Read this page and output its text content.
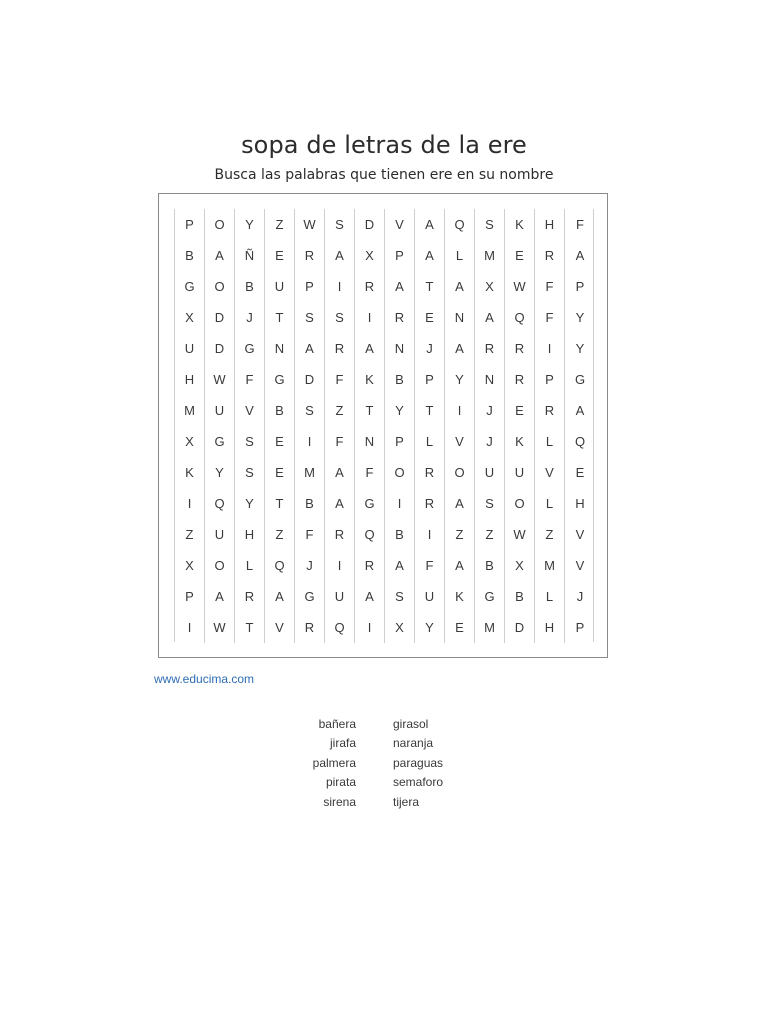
sopa de letras de la ere
Busca las palabras que tienen ere en su nombre
P	O	Y	Z	W	S	D	V	A	Q	S	K	H	F
B	A	Ñ	E	R	A	X	P	A	L	M	E	R	A
G	O	B	U	P	I	R	A	T	A	X	W	F	P
X	D	J	T	S	S	I	R	E	N	A	Q	F	Y
U	D	G	N	A	R	A	N	J	A	R	R	I	Y
H	W	F	G	D	F	K	B	P	Y	N	R	P	G
M	U	V	B	S	Z	T	Y	T	I	J	E	R	A
X	G	S	E	I	F	N	P	L	V	J	K	L	Q
K	Y	S	E	M	A	F	O	R	O	U	U	V	E
I	Q	Y	T	B	A	G	I	R	A	S	O	L	H
Z	U	H	Z	F	R	Q	B	I	Z	Z	W	Z	V
X	O	L	Q	J	I	R	A	F	A	B	X	M	V
P	A	R	A	G	U	A	S	U	K	G	B	L	J
I	W	T	V	R	Q	I	X	Y	E	M	D	H	P
www.educima.com
bañera	girasol
jirafa	naranja
palmera	paraguas
pirata	semaforo
sirena	tijera
